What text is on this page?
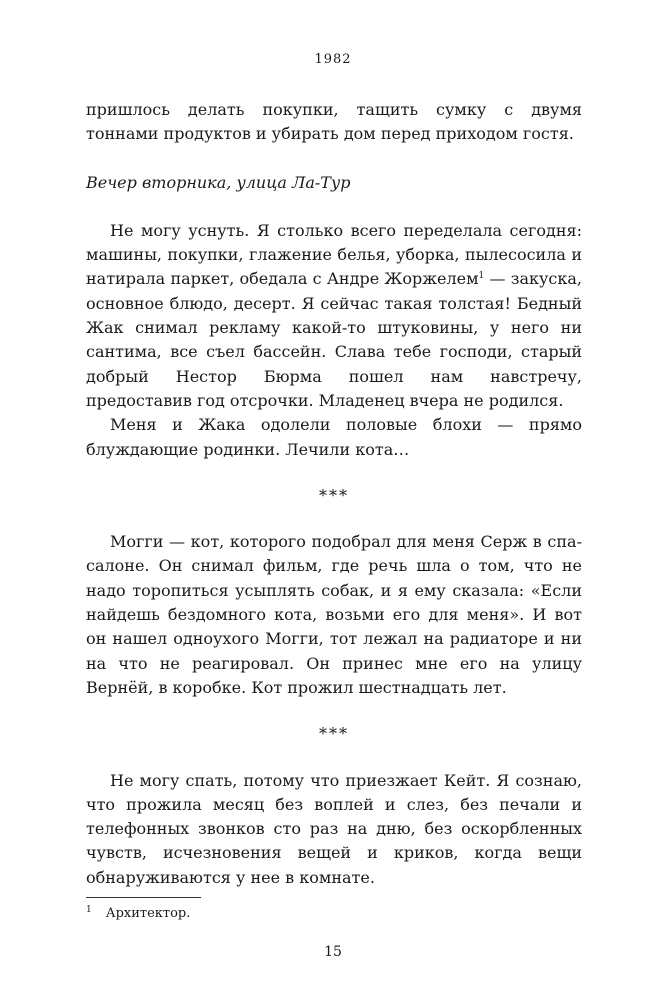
1982

пришлось делать покупки, тащить сумку с двумя тоннами продуктов и убирать дом перед приходом гостя.

Вечер вторника, улица Ла-Тур

Не могу уснуть. Я столько всего переделала сегодня: машины, покупки, глажение белья, уборка, пылесосила и натирала паркет, обедала с Андре Жоржелем$^1$ — закуска, основное блюдо, десерт. Я сейчас такая толстая! Бедный Жак снимал рекламу какой-то штуковины, у него ни сантима, все съел бассейн. Слава тебе господи, старый добрый Нестор Бюрма пошел нам навстречу, предоставив год отсрочки. Младенец вчера не родился.

Меня и Жака одолели половые блохи — прямо блуждающие родинки. Лечили кота…

***

Могги — кот, которого подобрал для меня Серж в спа-салоне. Он снимал фильм, где речь шла о том, что не надо торопиться усыплять собак, и я ему сказала: «Если найдешь бездомного кота, возьми его для меня». И вот он нашел одноухого Могги, тот лежал на радиаторе и ни на что не реагировал. Он принес мне его на улицу Вернёй, в коробке. Кот прожил шестнадцать лет.

***

Не могу спать, потому что приезжает Кейт. Я сознаю, что прожила месяц без воплей и слез, без печали и телефонных звонков сто раз на дню, без оскорбленных чувств, исчезновения вещей и криков, когда вещи обнаруживаются у нее в комнате.

$^1$ Архитектор.
15
